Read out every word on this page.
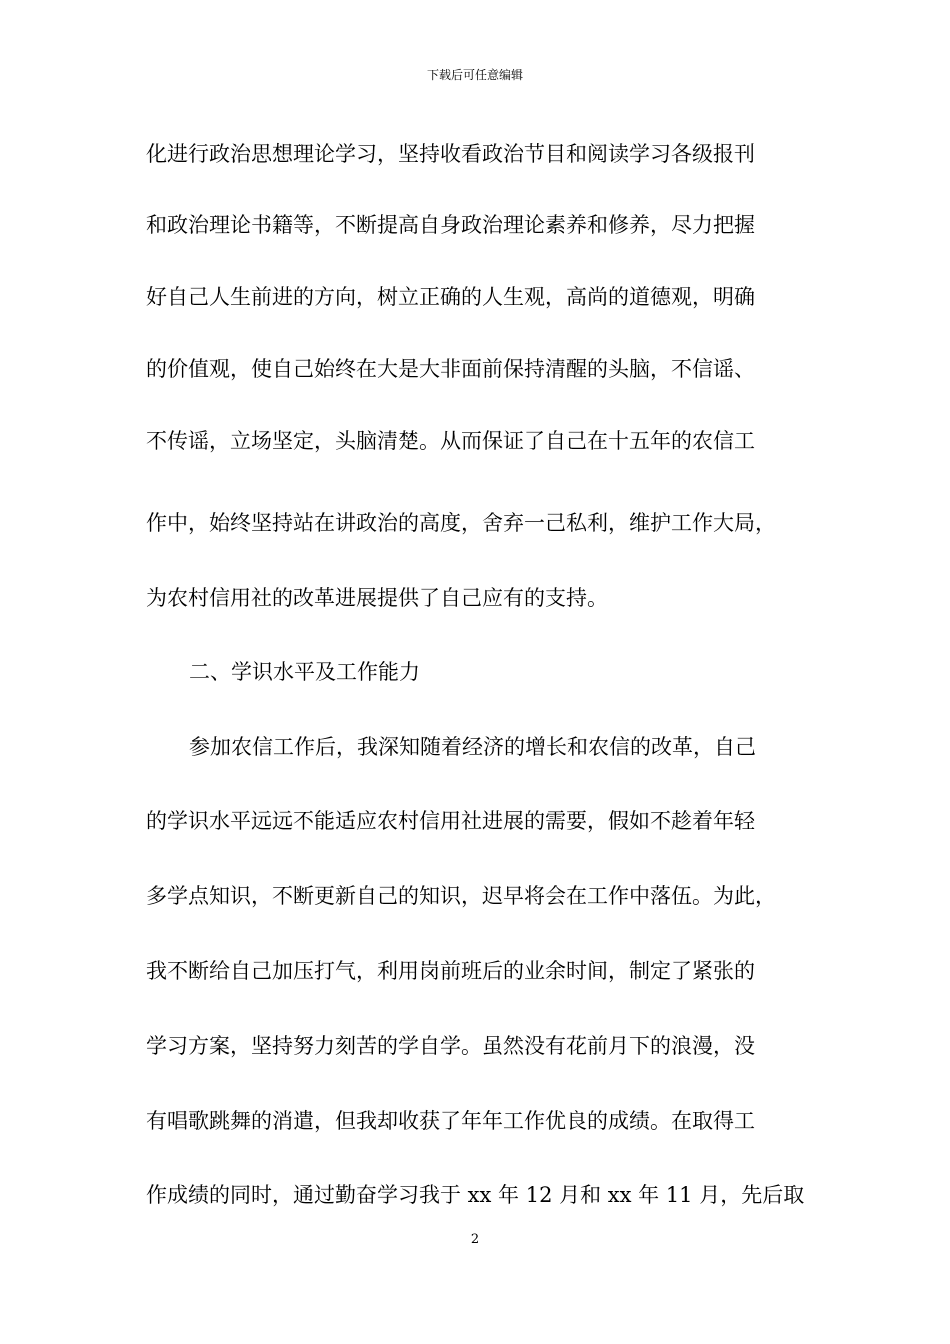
下载后可任意编辑
化进行政治思想理论学习，坚持收看政治节目和阅读学习各级报刊
和政治理论书籍等，不断提高自身政治理论素养和修养，尽力把握
好自己人生前进的方向，树立正确的人生观，高尚的道德观，明确
的价值观，使自己始终在大是大非面前保持清醒的头脑，不信谣、
不传谣，立场坚定，头脑清楚。从而保证了自己在十五年的农信工
作中，始终坚持站在讲政治的高度，舍弃一己私利，维护工作大局，
为农村信用社的改革进展提供了自己应有的支持。
二、学识水平及工作能力
参加农信工作后，我深知随着经济的增长和农信的改革，自己
的学识水平远远不能适应农村信用社进展的需要，假如不趁着年轻
多学点知识，不断更新自己的知识，迟早将会在工作中落伍。为此，
我不断给自己加压打气，利用岗前班后的业余时间，制定了紧张的
学习方案，坚持努力刻苦的学自学。虽然没有花前月下的浪漫，没
有唱歌跳舞的消遣，但我却收获了年年工作优良的成绩。在取得工
作成绩的同时，通过勤奋学习我于 xx 年 12 月和 xx 年 11 月，先后取
2
